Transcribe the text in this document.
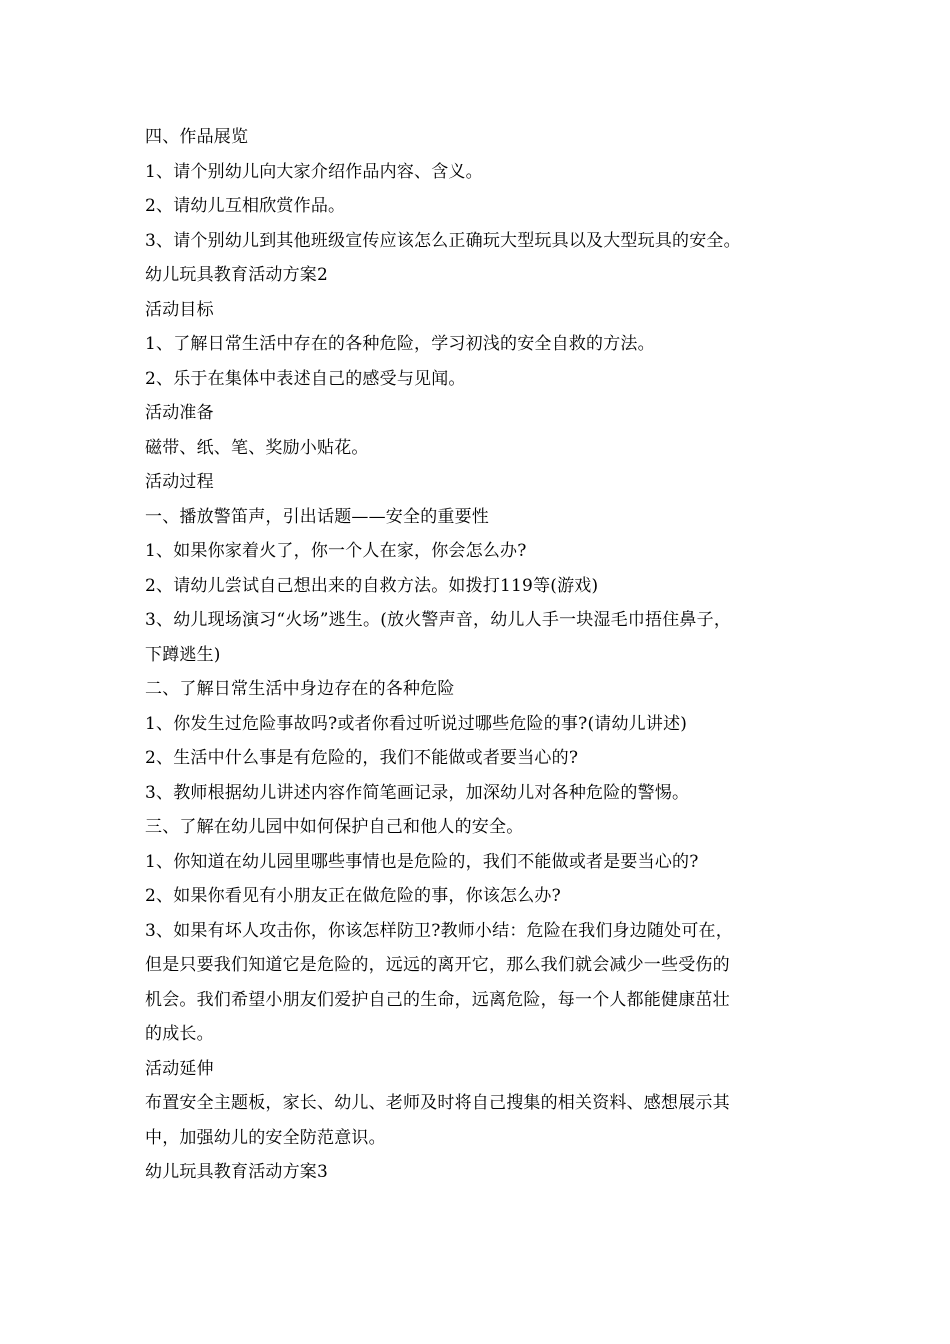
四、作品展览
1、请个别幼儿向大家介绍作品内容、含义。
2、请幼儿互相欣赏作品。
3、请个别幼儿到其他班级宣传应该怎么正确玩大型玩具以及大型玩具的安全。
幼儿玩具教育活动方案2
活动目标
1、了解日常生活中存在的各种危险，学习初浅的安全自救的方法。
2、乐于在集体中表述自己的感受与见闻。
活动准备
磁带、纸、笔、奖励小贴花。
活动过程
一、播放警笛声，引出话题——安全的重要性
1、如果你家着火了，你一个人在家，你会怎么办?
2、请幼儿尝试自己想出来的自救方法。如拨打119等(游戏)
3、幼儿现场演习“火场”逃生。(放火警声音，幼儿人手一块湿毛巾捂住鼻子，
下蹲逃生)
二、了解日常生活中身边存在的各种危险
1、你发生过危险事故吗?或者你看过听说过哪些危险的事?(请幼儿讲述)
2、生活中什么事是有危险的，我们不能做或者要当心的?
3、教师根据幼儿讲述内容作简笔画记录，加深幼儿对各种危险的警惕。
三、了解在幼儿园中如何保护自己和他人的安全。
1、你知道在幼儿园里哪些事情也是危险的，我们不能做或者是要当心的?
2、如果你看见有小朋友正在做危险的事，你该怎么办?
3、如果有坏人攻击你，你该怎样防卫?教师小结：危险在我们身边随处可在，
但是只要我们知道它是危险的，远远的离开它，那么我们就会减少一些受伤的
机会。我们希望小朋友们爱护自己的生命，远离危险，每一个人都能健康茁壮
的成长。
活动延伸
布置安全主题板，家长、幼儿、老师及时将自己搜集的相关资料、感想展示其
中，加强幼儿的安全防范意识。
幼儿玩具教育活动方案3
